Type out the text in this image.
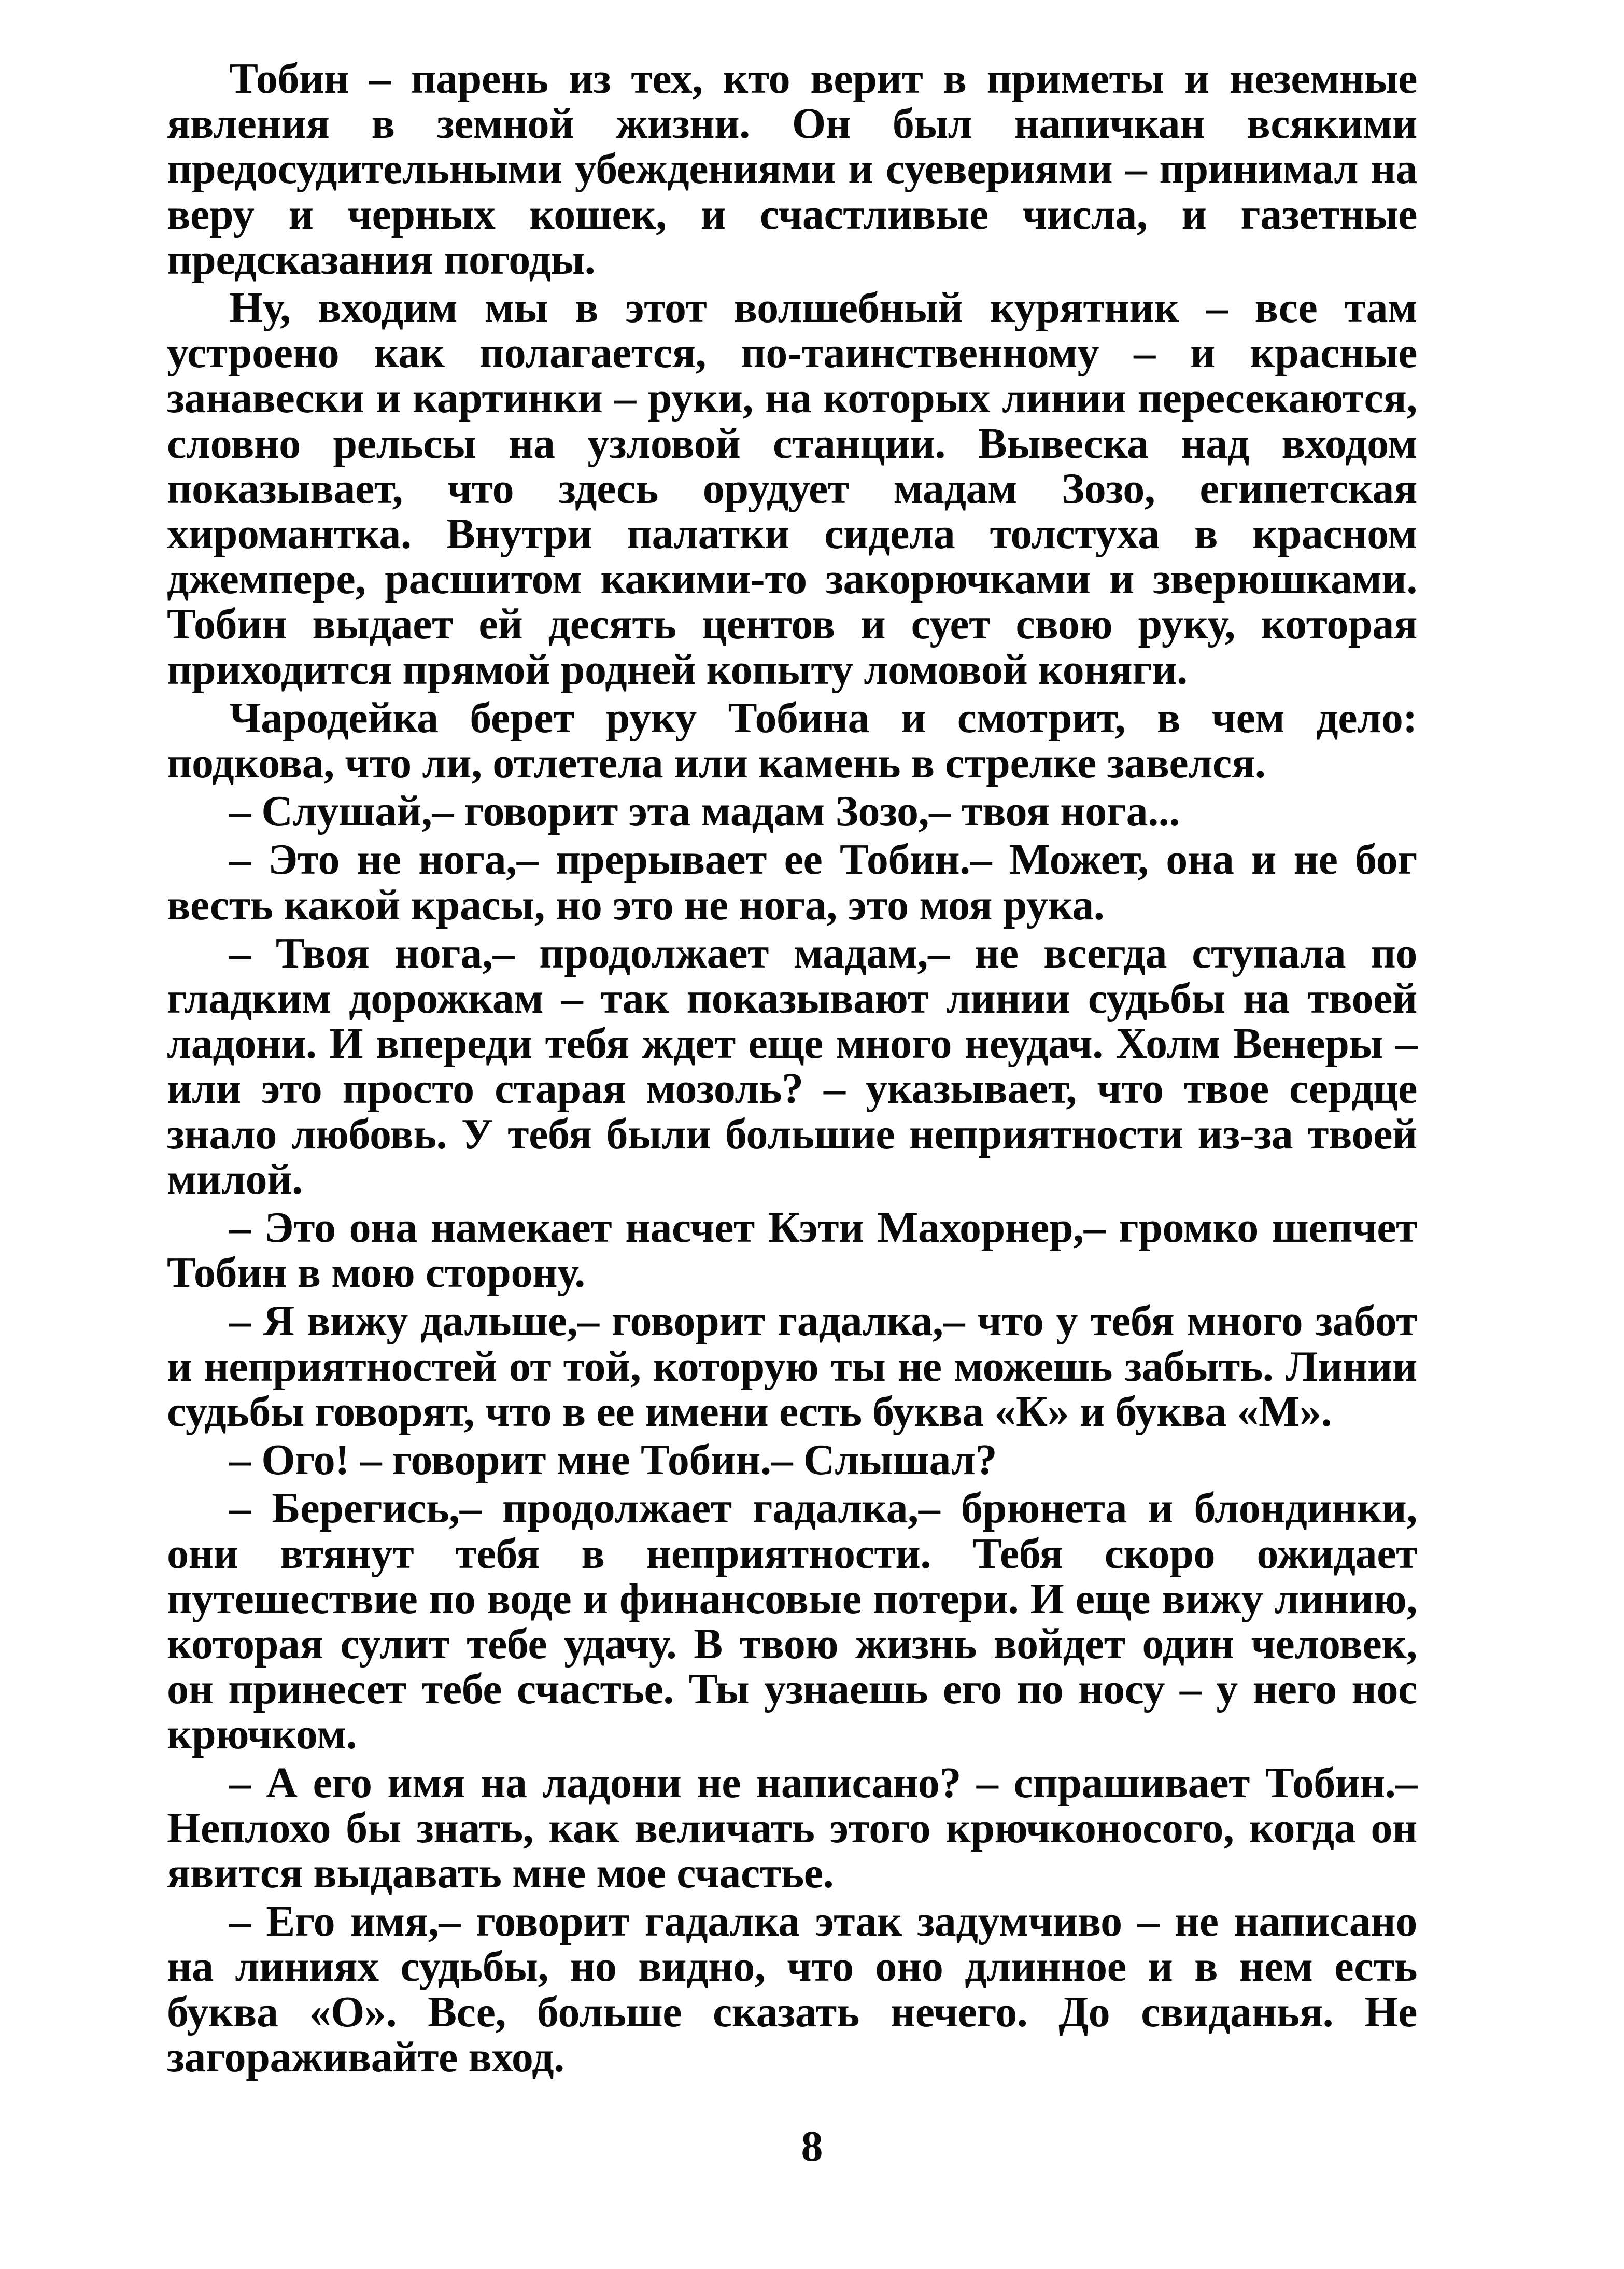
Тобин – парень из тех, кто верит в приметы и неземные явления в земной жизни. Он был напичкан всякими предосудительными убеждениями и суевериями – принимал на веру и черных кошек, и счастливые числа, и газетные предсказания погоды.

Ну, входим мы в этот волшебный курятник – все там устроено как полагается, по-таинственному – и красные занавески и картинки – руки, на которых линии пересекаются, словно рельсы на узловой станции. Вывеска над входом показывает, что здесь орудует мадам Зозо, египетская хиромантка. Внутри палатки сидела толстуха в красном джемпере, расшитом какими-то закорючками и зверюшками. Тобин выдает ей десять центов и сует свою руку, которая приходится прямой родней копыту ломовой коняги.

Чародейка берет руку Тобина и смотрит, в чем дело: подкова, что ли, отлетела или камень в стрелке завелся.

– Слушай,– говорит эта мадам Зозо,– твоя нога...

– Это не нога,– прерывает ее Тобин.– Может, она и не бог весть какой красы, но это не нога, это моя рука.

– Твоя нога,– продолжает мадам,– не всегда ступала по гладким дорожкам – так показывают линии судьбы на твоей ладони. И впереди тебя ждет еще много неудач. Холм Венеры – или это просто старая мозоль? – указывает, что твое сердце знало любовь. У тебя были большие неприятности из-за твоей милой.

– Это она намекает насчет Кэти Махорнер,– громко шепчет Тобин в мою сторону.

– Я вижу дальше,– говорит гадалка,– что у тебя много забот и неприятностей от той, которую ты не можешь забыть. Линии судьбы говорят, что в ее имени есть буква «К» и буква «М».

– Ого! – говорит мне Тобин.– Слышал?

– Берегись,– продолжает гадалка,– брюнета и блондинки, они втянут тебя в неприятности. Тебя скоро ожидает путешествие по воде и финансовые потери. И еще вижу линию, которая сулит тебе удачу. В твою жизнь войдет один человек, он принесет тебе счастье. Ты узнаешь его по носу – у него нос крючком.

– А его имя на ладони не написано? – спрашивает Тобин.– Неплохо бы знать, как величать этого крючконосого, когда он явится выдавать мне мое счастье.

– Его имя,– говорит гадалка этак задумчиво – не написано на линиях судьбы, но видно, что оно длинное и в нем есть буква «О». Все, больше сказать нечего. До свиданья. Не загораживайте вход.

8
